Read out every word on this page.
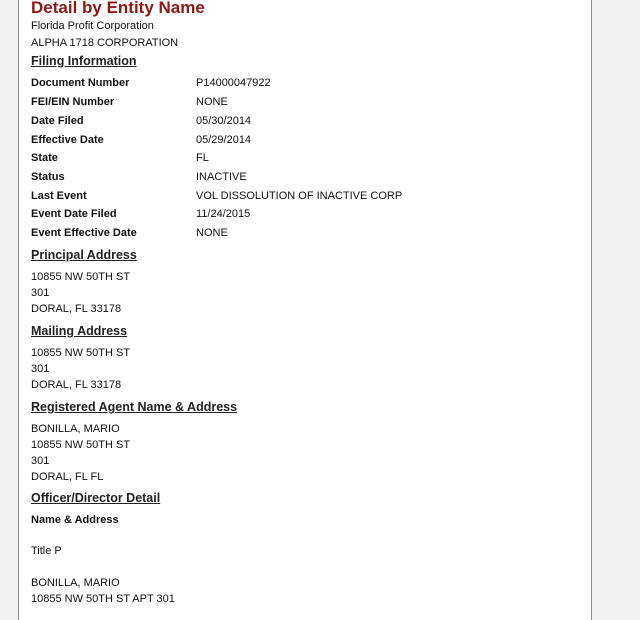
Detail by Entity Name
Florida Profit Corporation
ALPHA 1718 CORPORATION
Filing Information
Document Number	P14000047922
FEI/EIN Number	NONE
Date Filed	05/30/2014
Effective Date	05/29/2014
State	FL
Status	INACTIVE
Last Event	VOL DISSOLUTION OF INACTIVE CORP
Event Date Filed	11/24/2015
Event Effective Date	NONE
Principal Address
10855 NW 50TH ST
301
DORAL, FL 33178
Mailing Address
10855 NW 50TH ST
301
DORAL, FL 33178
Registered Agent Name & Address
BONILLA, MARIO
10855 NW 50TH ST
301
DORAL, FL FL
Officer/Director Detail
Name & Address
Title P
BONILLA, MARIO
10855 NW 50TH ST APT 301
